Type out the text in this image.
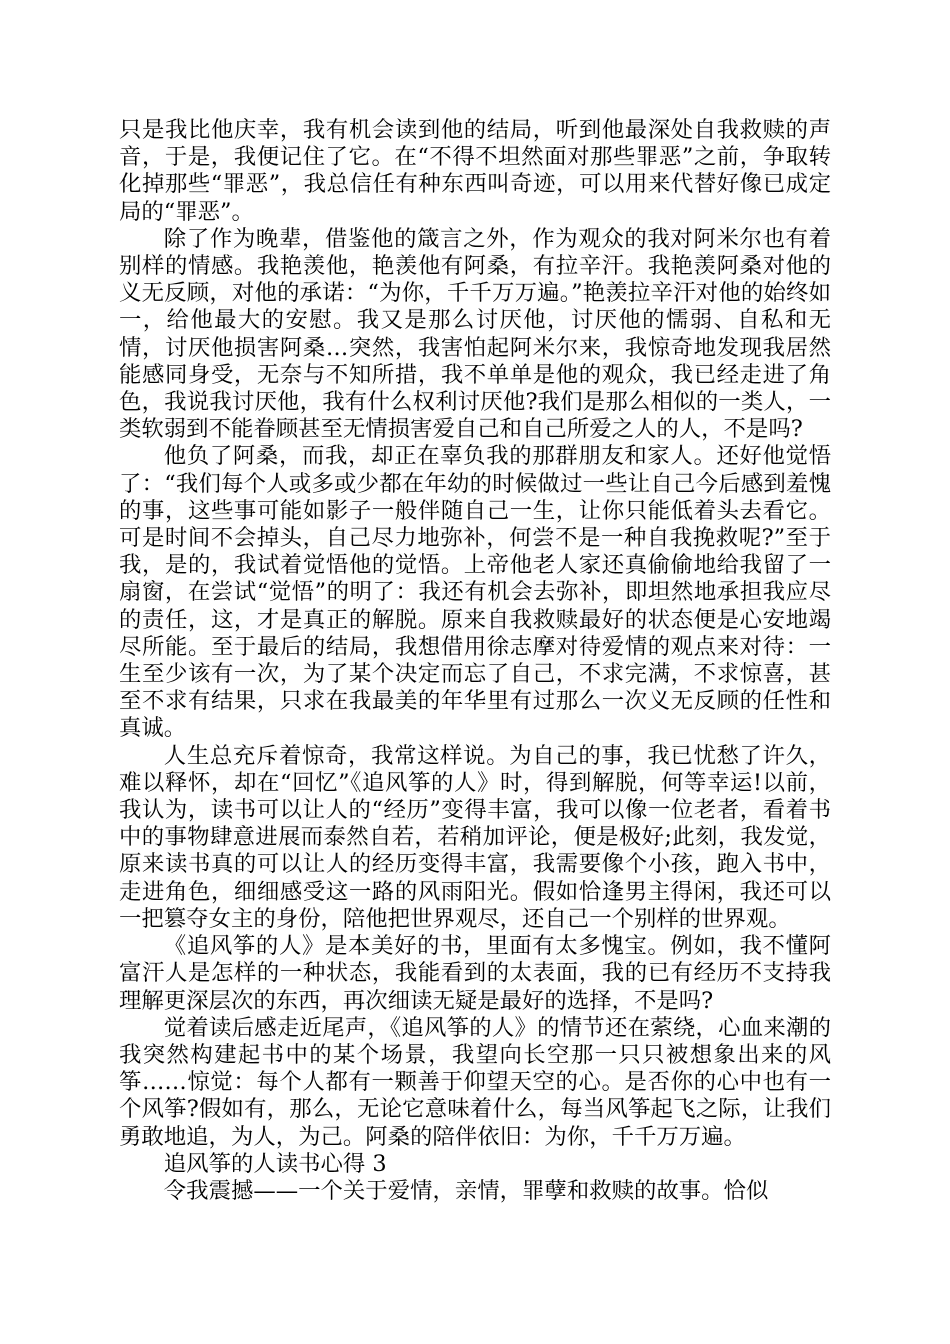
只是我比他庆幸，我有机会读到他的结局，听到他最深处自我救赎的声音，于是，我便记住了它。在“不得不坦然面对那些罪恶”之前，争取转化掉那些“罪恶”，我总信任有种东西叫奇迹，可以用来代替好像已成定局的“罪恶”。

除了作为晚辈，借鉴他的箴言之外，作为观众的我对阿米尔也有着别样的情感。我艳羡他，艳羡他有阿桑，有拉辛汗。我艳羡阿桑对他的义无反顾，对他的承诺：“为你，千千万万遍。”艳羡拉辛汗对他的始终如一，给他最大的安慰。我又是那么讨厌他，讨厌他的懦弱、自私和无情，讨厌他损害阿桑…突然，我害怕起阿米尔来，我惊奇地发现我居然能感同身受，无奈与不知所措，我不单单是他的观众，我已经走进了角色，我说我讨厌他，我有什么权利讨厌他?我们是那么相似的一类人，一类软弱到不能眷顾甚至无情损害爱自己和自己所爱之人的人，不是吗?

他负了阿桑，而我，却正在辜负我的那群朋友和家人。还好他觉悟了：“我们每个人或多或少都在年幼的时候做过一些让自己今后感到羞愧的事，这些事可能如影子一般伴随自己一生，让你只能低着头去看它。可是时间不会掉头，自己尽力地弥补，何尝不是一种自我挽救呢?”至于我，是的，我试着觉悟他的觉悟。上帝他老人家还真偷偷地给我留了一扇窗，在尝试“觉悟”的明了：我还有机会去弥补，即坦然地承担我应尽的责任，这，才是真正的解脱。原来自我救赎最好的状态便是心安地竭尽所能。至于最后的结局，我想借用徐志摩对待爱情的观点来对待：一生至少该有一次，为了某个决定而忘了自己，不求完满，不求惊喜，甚至不求有结果，只求在我最美的年华里有过那么一次义无反顾的任性和真诚。

人生总充斥着惊奇，我常这样说。为自己的事，我已忧愁了许久，难以释怀，却在“回忆”《追风筝的人》时，得到解脱，何等幸运!以前，我认为，读书可以让人的“经历”变得丰富，我可以像一位老者，看着书中的事物肆意进展而泰然自若，若稍加评论，便是极好;此刻，我发觉，原来读书真的可以让人的经历变得丰富，我需要像个小孩，跑入书中，走进角色，细细感受这一路的风雨阳光。假如恰逢男主得闲，我还可以一把篡夺女主的身份，陪他把世界观尽，还自己一个别样的世界观。

《追风筝的人》是本美好的书，里面有太多愧宝。例如，我不懂阿富汗人是怎样的一种状态，我能看到的太表面，我的已有经历不支持我理解更深层次的东西，再次细读无疑是最好的选择，不是吗?

觉着读后感走近尾声，《追风筝的人》的情节还在萦绕，心血来潮的我突然构建起书中的某个场景，我望向长空那一只只被想象出来的风筝……惊觉：每个人都有一颗善于仰望天空的心。是否你的心中也有一个风筝?假如有，那么，无论它意味着什么，每当风筝起飞之际，让我们勇敢地追，为人，为己。阿桑的陪伴依旧：为你，千千万万遍。

追风筝的人读书心得 3

令我震撼——一个关于爱情，亲情，罪孽和救赎的故事。恰似
